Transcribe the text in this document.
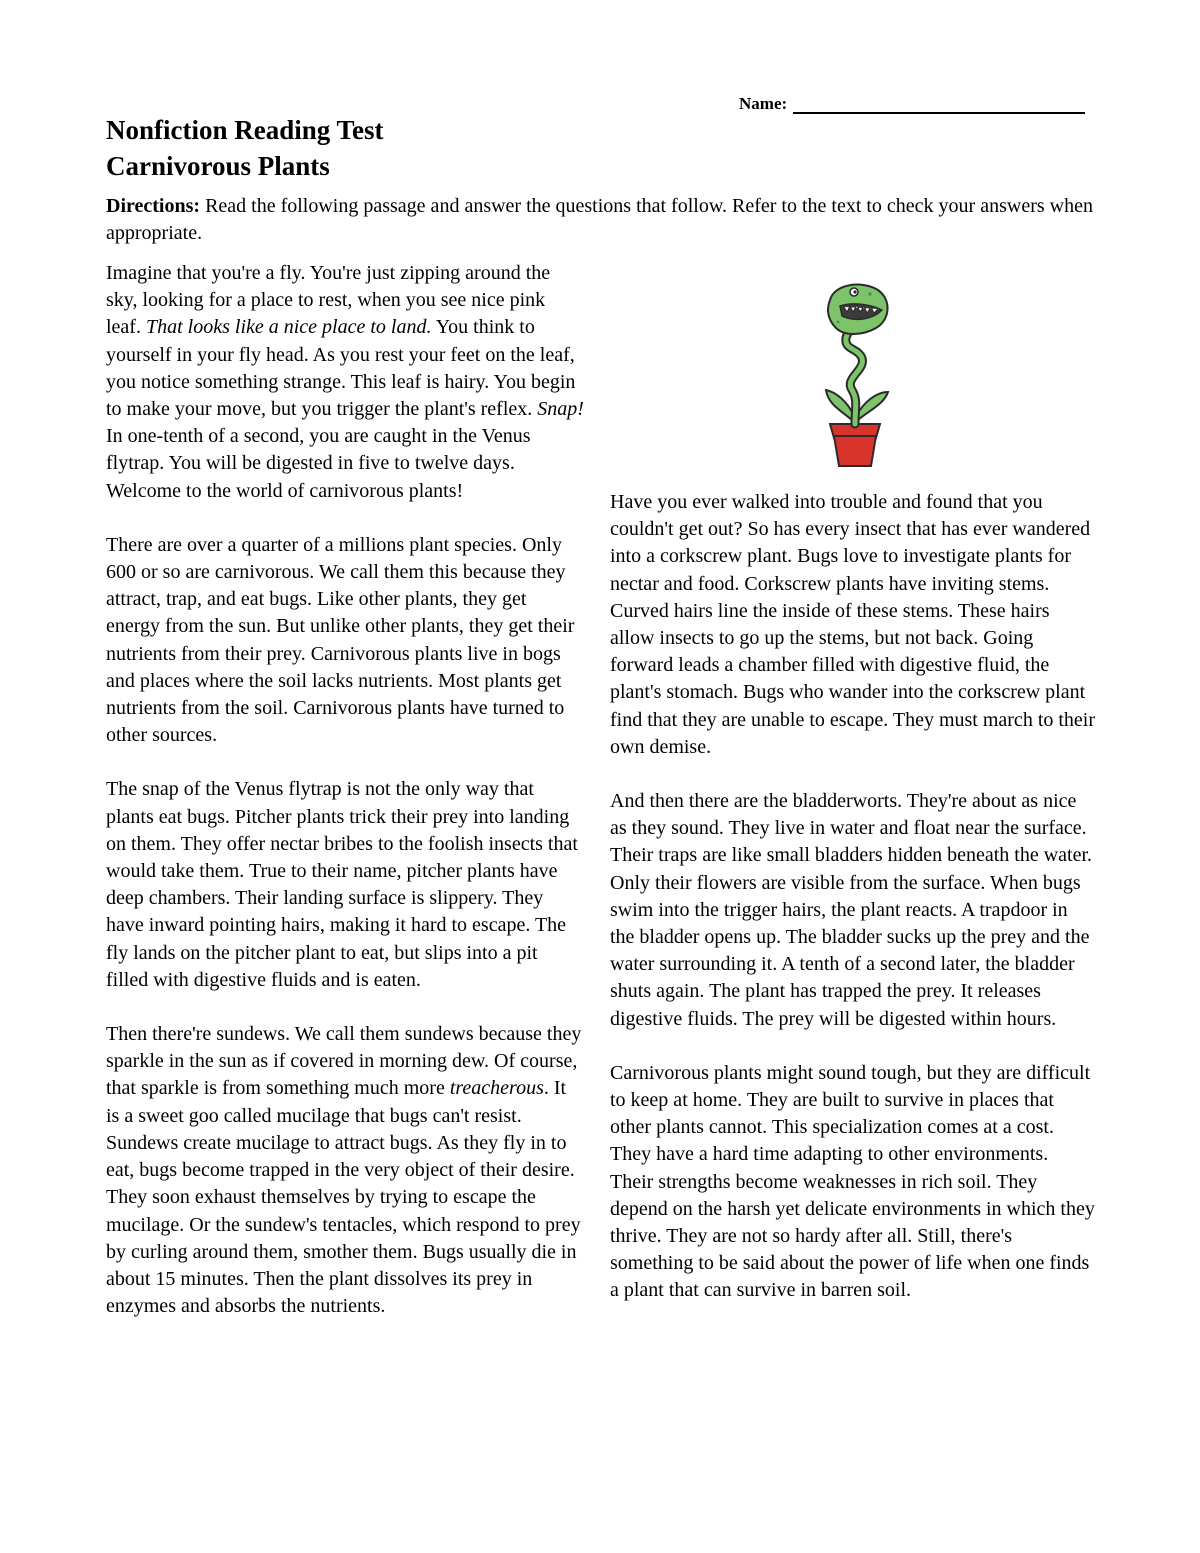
Name:
Nonfiction Reading Test
Carnivorous Plants

Directions: Read the following passage and answer the questions that follow. Refer to the text to check your answers when appropriate.

Imagine that you're a fly. You're just zipping around the sky, looking for a place to rest, when you see nice pink leaf. That looks like a nice place to land. You think to yourself in your fly head. As you rest your feet on the leaf, you notice something strange. This leaf is hairy. You begin to make your move, but you trigger the plant's reflex. Snap! In one-tenth of a second, you are caught in the Venus flytrap. You will be digested in five to twelve days. Welcome to the world of carnivorous plants!

There are over a quarter of a millions plant species. Only 600 or so are carnivorous. We call them this because they attract, trap, and eat bugs. Like other plants, they get energy from the sun. But unlike other plants, they get their nutrients from their prey. Carnivorous plants live in bogs and places where the soil lacks nutrients. Most plants get nutrients from the soil. Carnivorous plants have turned to other sources.

The snap of the Venus flytrap is not the only way that plants eat bugs. Pitcher plants trick their prey into landing on them. They offer nectar bribes to the foolish insects that would take them. True to their name, pitcher plants have deep chambers. Their landing surface is slippery. They have inward pointing hairs, making it hard to escape. The fly lands on the pitcher plant to eat, but slips into a pit filled with digestive fluids and is eaten.

Then there're sundews. We call them sundews because they sparkle in the sun as if covered in morning dew. Of course, that sparkle is from something much more treacherous. It is a sweet goo called mucilage that bugs can't resist. Sundews create mucilage to attract bugs. As they fly in to eat, bugs become trapped in the very object of their desire. They soon exhaust themselves by trying to escape the mucilage. Or the sundew's tentacles, which respond to prey by curling around them, smother them. Bugs usually die in about 15 minutes. Then the plant dissolves its prey in enzymes and absorbs the nutrients.

Have you ever walked into trouble and found that you couldn't get out? So has every insect that has ever wandered into a corkscrew plant. Bugs love to investigate plants for nectar and food. Corkscrew plants have inviting stems. Curved hairs line the inside of these stems. These hairs allow insects to go up the stems, but not back. Going forward leads a chamber filled with digestive fluid, the plant's stomach. Bugs who wander into the corkscrew plant find that they are unable to escape. They must march to their own demise.

And then there are the bladderworts. They're about as nice as they sound. They live in water and float near the surface. Their traps are like small bladders hidden beneath the water. Only their flowers are visible from the surface. When bugs swim into the trigger hairs, the plant reacts. A trapdoor in the bladder opens up. The bladder sucks up the prey and the water surrounding it. A tenth of a second later, the bladder shuts again. The plant has trapped the prey. It releases digestive fluids. The prey will be digested within hours.

Carnivorous plants might sound tough, but they are difficult to keep at home. They are built to survive in places that other plants cannot. This specialization comes at a cost. They have a hard time adapting to other environments. Their strengths become weaknesses in rich soil. They depend on the harsh yet delicate environments in which they thrive. They are not so hardy after all. Still, there's something to be said about the power of life when one finds a plant that can survive in barren soil.
